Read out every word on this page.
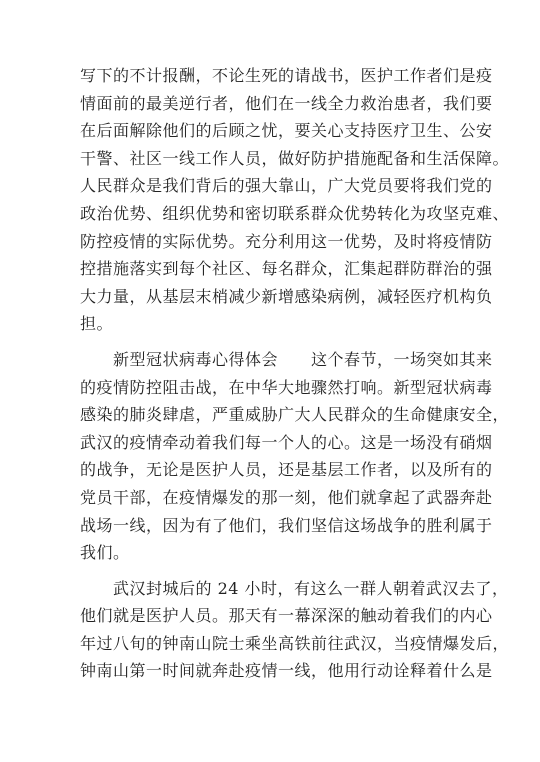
写下的不计报酬，不论生死的请战书，医护工作者们是疫
情面前的最美逆行者，他们在一线全力救治患者，我们要
在后面解除他们的后顾之忧，要关心支持医疗卫生、公安
干警、社区一线工作人员，做好防护措施配备和生活保障。
人民群众是我们背后的强大靠山，广大党员要将我们党的
政治优势、组织优势和密切联系群众优势转化为攻坚克难、
防控疫情的实际优势。充分利用这一优势，及时将疫情防
控措施落实到每个社区、每名群众，汇集起群防群治的强
大力量，从基层末梢减少新增感染病例，减轻医疗机构负
担。
　　新型冠状病毒心得体会　　这个春节，一场突如其来
的疫情防控阻击战，在中华大地骤然打响。新型冠状病毒
感染的肺炎肆虐，严重威胁广大人民群众的生命健康安全，
武汉的疫情牵动着我们每一个人的心。这是一场没有硝烟
的战争，无论是医护人员，还是基层工作者，以及所有的
党员干部，在疫情爆发的那一刻，他们就拿起了武器奔赴
战场一线，因为有了他们，我们坚信这场战争的胜利属于
我们。
　　武汉封城后的 24 小时，有这么一群人朝着武汉去了，
他们就是医护人员。那天有一幕深深的触动着我们的内心
年过八旬的钟南山院士乘坐高铁前往武汉，当疫情爆发后，
钟南山第一时间就奔赴疫情一线，他用行动诠释着什么是
